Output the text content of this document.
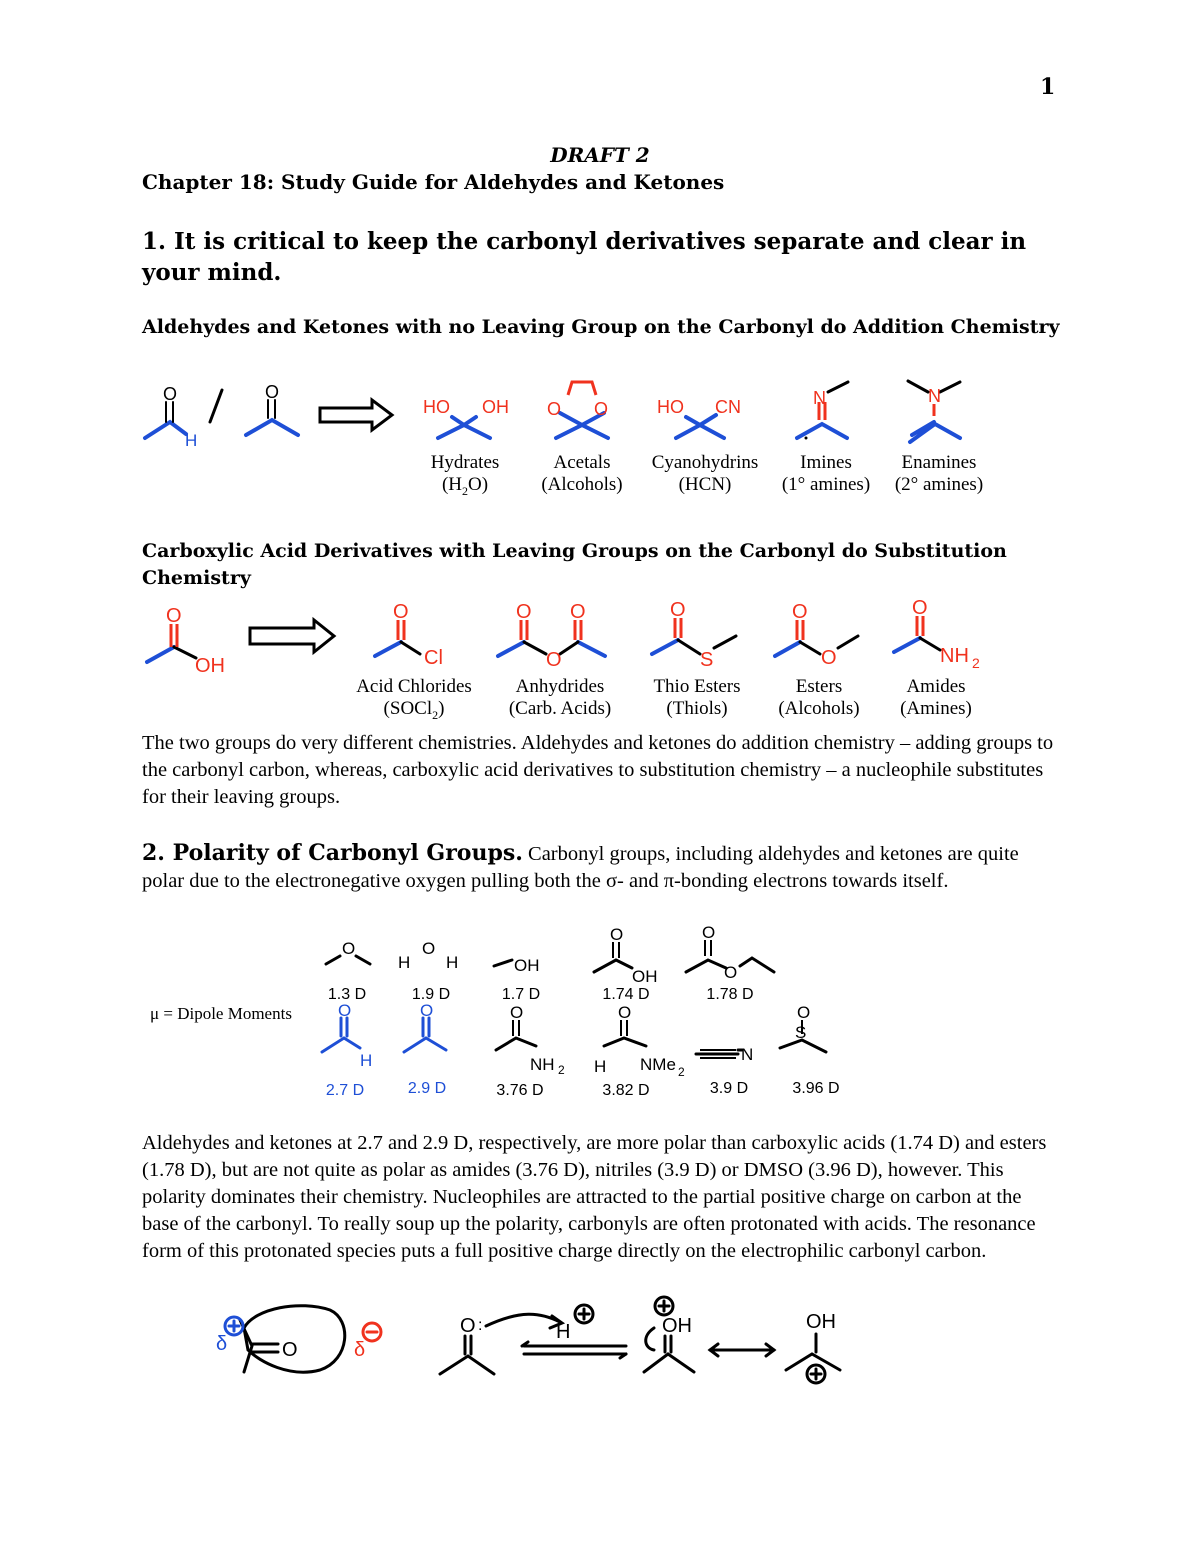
1
DRAFT 2
Chapter 18: Study Guide for Aldehydes and Ketones
1. It is critical to keep the carbonyl derivatives separate and clear in your mind.
Aldehydes and Ketones with no Leaving Group on the Carbonyl do Addition Chemistry
O	O
H
HO OH O O	HO CN	N	N
Hydrates
$(H_2O)$
Acetals
(Alcohols)
Cyanohydrins
(HCN)
Imines
(1° amines)
Enamines
(2° amines)
Carboxylic Acid Derivatives with Leaving Groups on the Carbonyl do Substitution Chemistry
O
OH
O
Cl
O O
O
O
S
O
O
O
NH 2
Acid Chlorides
(SOCl$_2$)
Anhydrides
(Carb. Acids)
Thio Esters
(Thiols)
Esters
(Alcohols)
Amides
(Amines)
The two groups do very different chemistries. Aldehydes and ketones do addition chemistry – adding groups to the carbonyl carbon, whereas, carboxylic acid derivatives to substitution chemistry – a nucleophile substitutes for their leaving groups.
2. Polarity of Carbonyl Groups. Carbonyl groups, including aldehydes and ketones are quite polar due to the electronegative oxygen pulling both the σ- and π-bonding electrons towards itself.
O
H
O
H	OH
O
OH
O
O
O
NH 2
O
H NMe 2
N
O
S
O
H
O
1.3 D	1.9 D	1.7 D	1.74 D	1.78 D
μ = Dipole Moments
2.7 D	2.9 D	3.76 D	3.82 D	3.9 D	3.96 D
Aldehydes and ketones at 2.7 and 2.9 D, respectively, are more polar than carboxylic acids (1.74 D) and esters (1.78 D), but are not quite as polar as amides (3.76 D), nitriles (3.9 D) or DMSO (3.96 D), however. This polarity dominates their chemistry. Nucleophiles are attracted to the partial positive charge on carbon at the base of the carbonyl. To really soup up the polarity, carbonyls are often protonated with acids. The resonance form of this protonated species puts a full positive charge directly on the electrophilic carbonyl carbon.
O
δ	δ
O :	H	OH	OH
